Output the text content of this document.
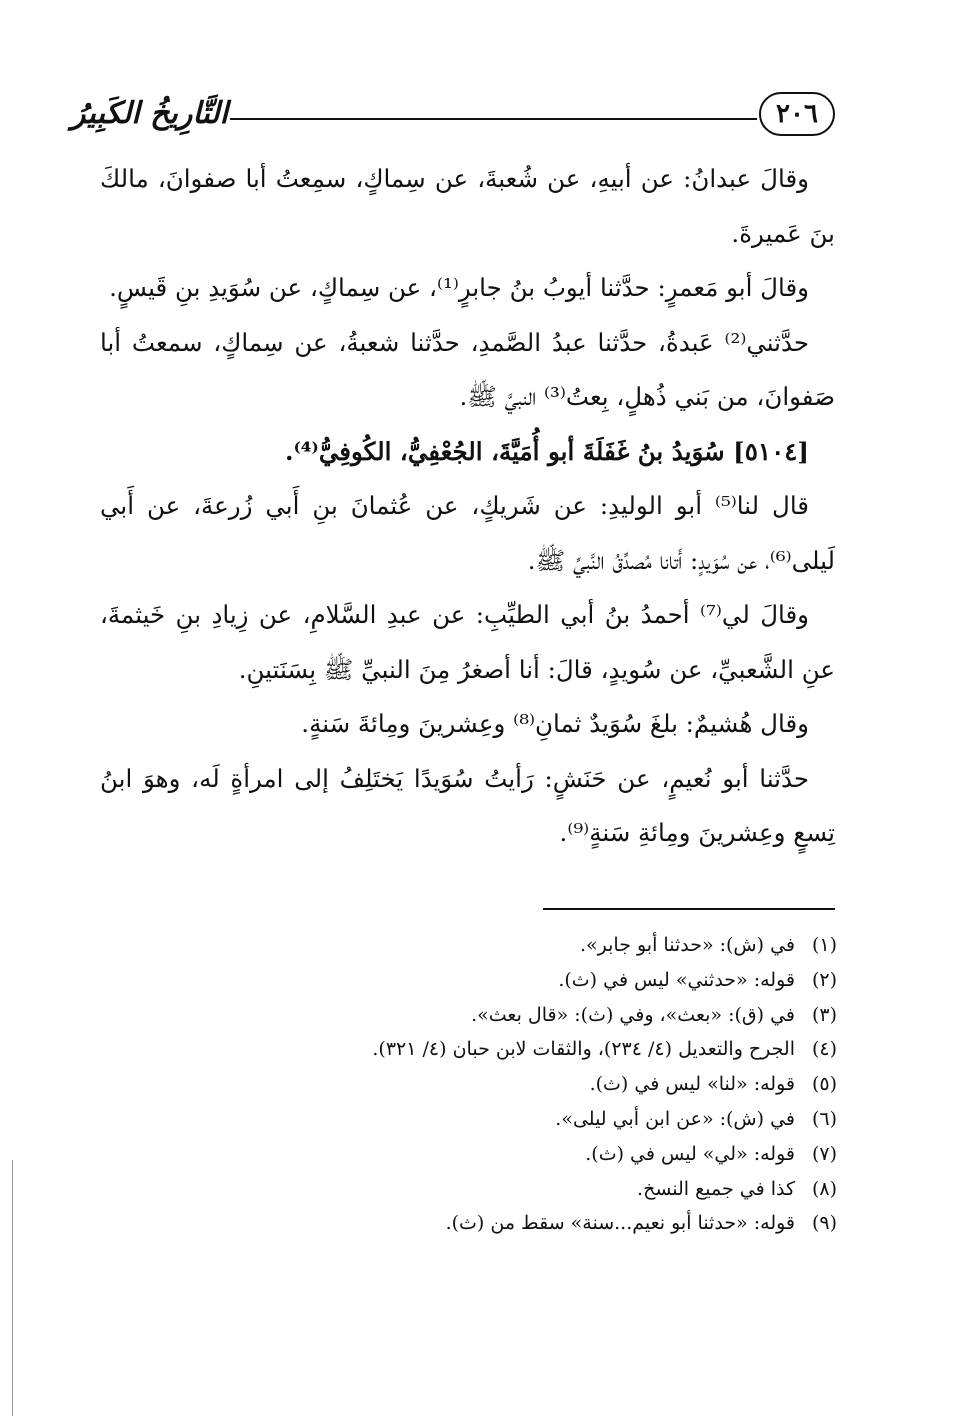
٢٠٦
التَّارِيخُ الكَبِيرُ

وقالَ عبدانُ: عن أبيهِ، عن شُعبةَ، عن سِماكٍ، سمِعتُ أبا صفوانَ، مالكَ بنَ عَميرةَ.

وقالَ أبو مَعمرٍ: حدَّثنا أيوبُ بنُ جابرٍ⁽¹⁾، عن سِماكٍ، عن سُوَيدِ بنِ قَيسٍ.

حدَّثني⁽²⁾ عَبدةُ، حدَّثنا عبدُ الصَّمدِ، حدَّثنا شعبةُ، عن سِماكٍ، سمعتُ أبا صَفوانَ، من بَني ذُهلٍ، بِعتُ⁽³⁾ النبيَّ ﷺ.

[٥١٠٤] سُوَيدُ بنُ غَفَلَةَ أبو أُمَيَّةَ، الجُعْفِيُّ، الكُوفِيُّ⁽⁴⁾.

قال لنا⁽⁵⁾ أبو الوليدِ: عن شَريكٍ، عن عُثمانَ بنِ أَبي زُرعةَ، عن أَبي لَيلى⁽⁶⁾، عن سُوَيدٍ: أَتانا مُصدِّقُ النَّبيِّ ﷺ.

وقالَ لي⁽⁷⁾ أحمدُ بنُ أبي الطيِّبِ: عن عبدِ السَّلامِ، عن زِيادِ بنِ خَيثمةَ، عنِ الشَّعبيِّ، عن سُويدٍ، قالَ: أنا أصغرُ مِنَ النبيِّ ﷺ بِسَنَتينِ.

وقال هُشيمٌ: بلغَ سُوَيدٌ ثمانِ⁽⁸⁾ وعِشرينَ ومِائةَ سَنةٍ.

حدَّثنا أبو نُعيمٍ، عن حَنَشٍ: رَأيتُ سُوَيدًا يَختَلِفُ إلى امرأةٍ لَه، وهوَ ابنُ تِسعٍ وعِشرينَ ومِائةِ سَنةٍ⁽⁹⁾.

(١)في (ش): «حدثنا أبو جابر».
(٢)قوله: «حدثني» ليس في (ث).
(٣)في (ق): «بعث»، وفي (ث): «قال بعث».
(٤)الجرح والتعديل (٤/ ٢٣٤)، والثقات لابن حبان (٤/ ٣٢١).
(٥)قوله: «لنا» ليس في (ث).
(٦)في (ش): «عن ابن أبي ليلى».
(٧)قوله: «لي» ليس في (ث).
(٨)كذا في جميع النسخ.
(٩)قوله: «حدثنا أبو نعيم...سنة» سقط من (ث).
